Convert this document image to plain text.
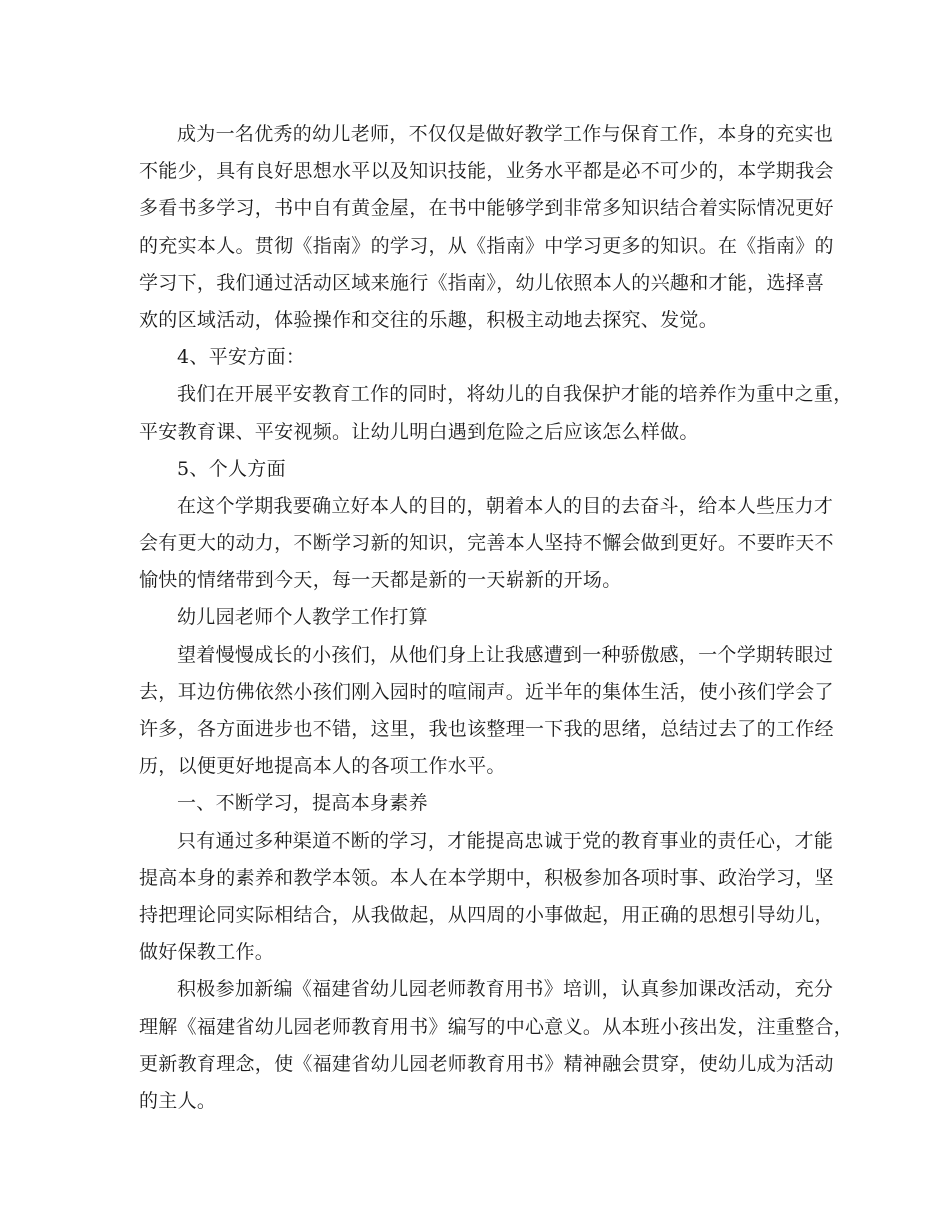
成为一名优秀的幼儿老师，不仅仅是做好教学工作与保育工作，本身的充实也
不能少，具有良好思想水平以及知识技能，业务水平都是必不可少的，本学期我会
多看书多学习，书中自有黄金屋，在书中能够学到非常多知识结合着实际情况更好
的充实本人。贯彻《指南》的学习，从《指南》中学习更多的知识。在《指南》的
学习下，我们通过活动区域来施行《指南》，幼儿依照本人的兴趣和才能，选择喜
欢的区域活动，体验操作和交往的乐趣，积极主动地去探究、发觉。
4、平安方面：
我们在开展平安教育工作的同时，将幼儿的自我保护才能的培养作为重中之重，
平安教育课、平安视频。让幼儿明白遇到危险之后应该怎么样做。
5、个人方面
在这个学期我要确立好本人的目的，朝着本人的目的去奋斗，给本人些压力才
会有更大的动力，不断学习新的知识，完善本人坚持不懈会做到更好。不要昨天不
愉快的情绪带到今天，每一天都是新的一天崭新的开场。
幼儿园老师个人教学工作打算
望着慢慢成长的小孩们，从他们身上让我感遭到一种骄傲感，一个学期转眼过
去，耳边仿佛依然小孩们刚入园时的喧闹声。近半年的集体生活，使小孩们学会了
许多，各方面进步也不错，这里，我也该整理一下我的思绪，总结过去了的工作经
历，以便更好地提高本人的各项工作水平。
一、不断学习，提高本身素养
只有通过多种渠道不断的学习，才能提高忠诚于党的教育事业的责任心，才能
提高本身的素养和教学本领。本人在本学期中，积极参加各项时事、政治学习，坚
持把理论同实际相结合，从我做起，从四周的小事做起，用正确的思想引导幼儿，
做好保教工作。
积极参加新编《福建省幼儿园老师教育用书》培训，认真参加课改活动，充分
理解《福建省幼儿园老师教育用书》编写的中心意义。从本班小孩出发，注重整合，
更新教育理念，使《福建省幼儿园老师教育用书》精神融会贯穿，使幼儿成为活动
的主人。
